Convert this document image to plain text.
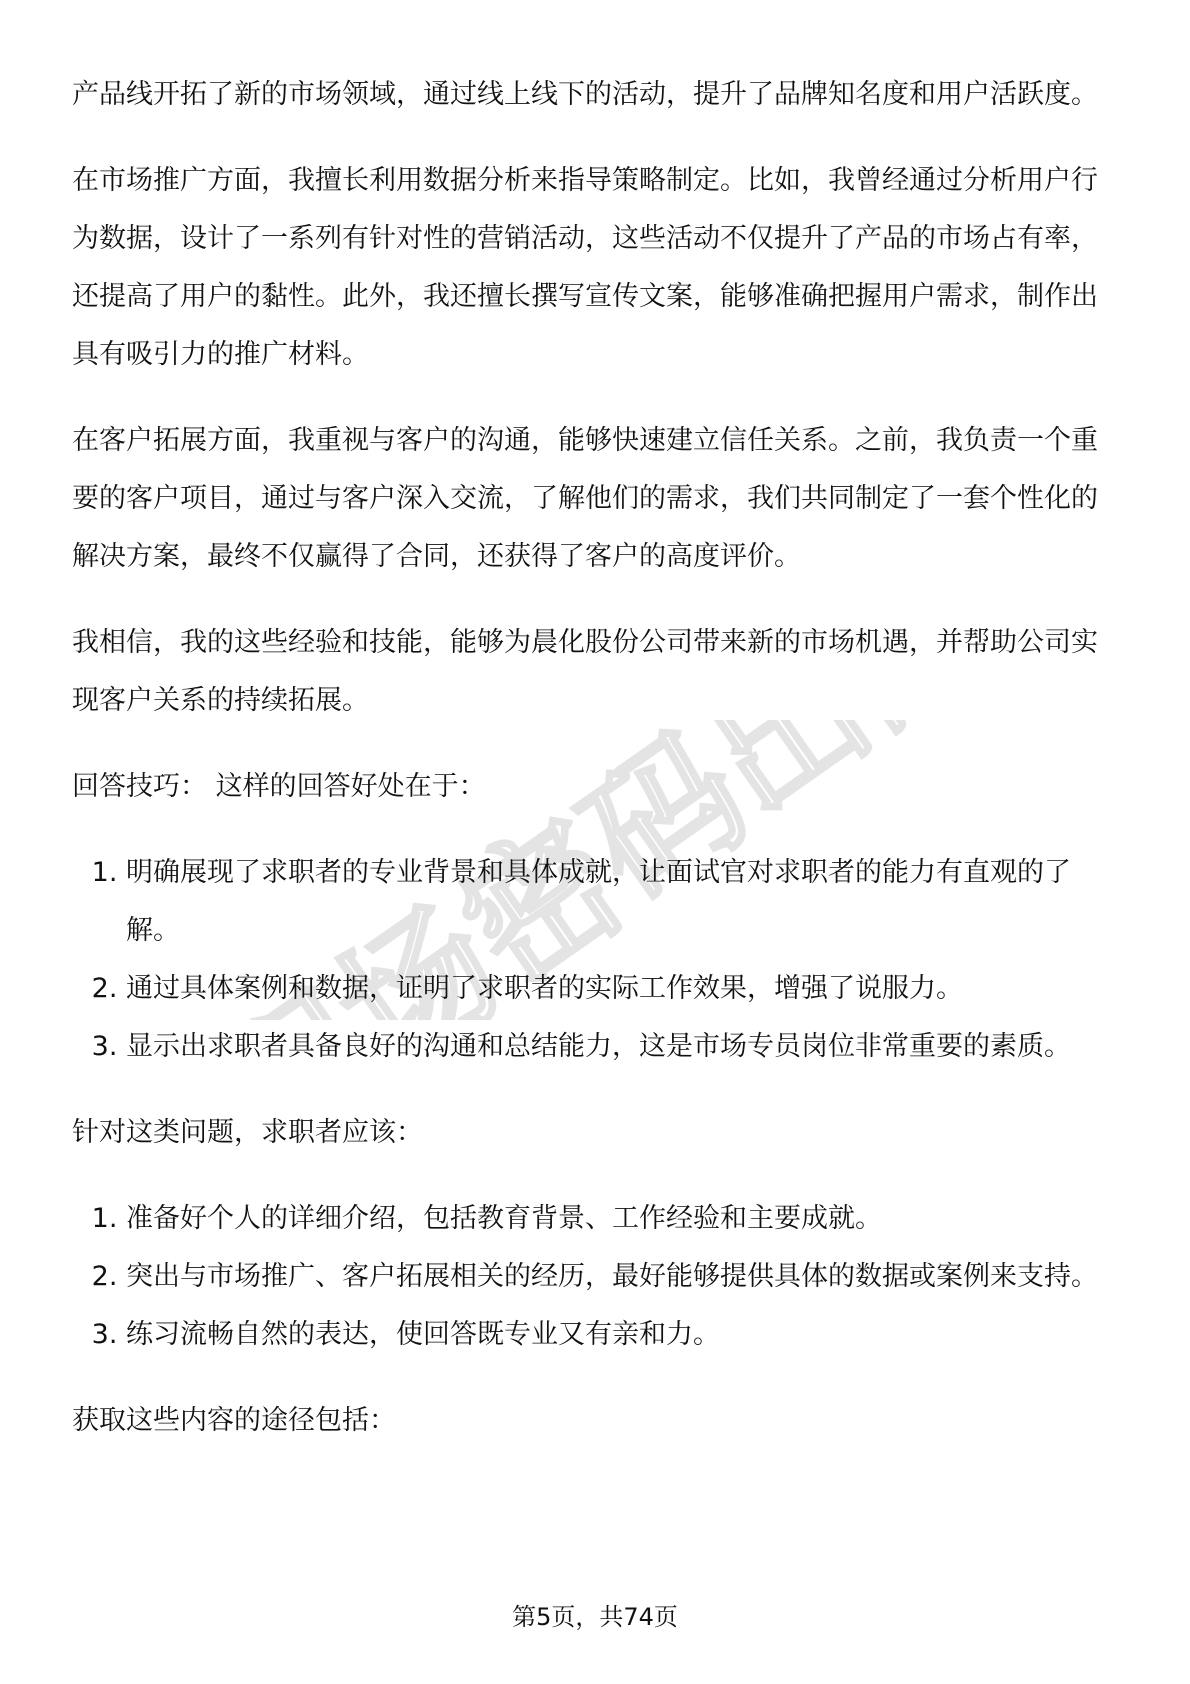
产品线开拓了新的市场领域，通过线上线下的活动，提升了品牌知名度和用户活跃度。

在市场推广方面，我擅长利用数据分析来指导策略制定。比如，我曾经通过分析用户行为数据，设计了一系列有针对性的营销活动，这些活动不仅提升了产品的市场占有率，还提高了用户的黏性。此外，我还擅长撰写宣传文案，能够准确把握用户需求，制作出具有吸引力的推广材料。

在客户拓展方面，我重视与客户的沟通，能够快速建立信任关系。之前，我负责一个重要的客户项目，通过与客户深入交流，了解他们的需求，我们共同制定了一套个性化的解决方案，最终不仅赢得了合同，还获得了客户的高度评价。

我相信，我的这些经验和技能，能够为晨化股份公司带来新的市场机遇，并帮助公司实现客户关系的持续拓展。

回答技巧： 这样的回答好处在于：

1. 明确展现了求职者的专业背景和具体成就，让面试官对求职者的能力有直观的了解。
2. 通过具体案例和数据，证明了求职者的实际工作效果，增强了说服力。
3. 显示出求职者具备良好的沟通和总结能力，这是市场专员岗位非常重要的素质。

针对这类问题，求职者应该：

1. 准备好个人的详细介绍，包括教育背景、工作经验和主要成就。
2. 突出与市场推广、客户拓展相关的经历，最好能够提供具体的数据或案例来支持。
3. 练习流畅自然的表达，使回答既专业又有亲和力。

获取这些内容的途径包括：

第5页，共74页
